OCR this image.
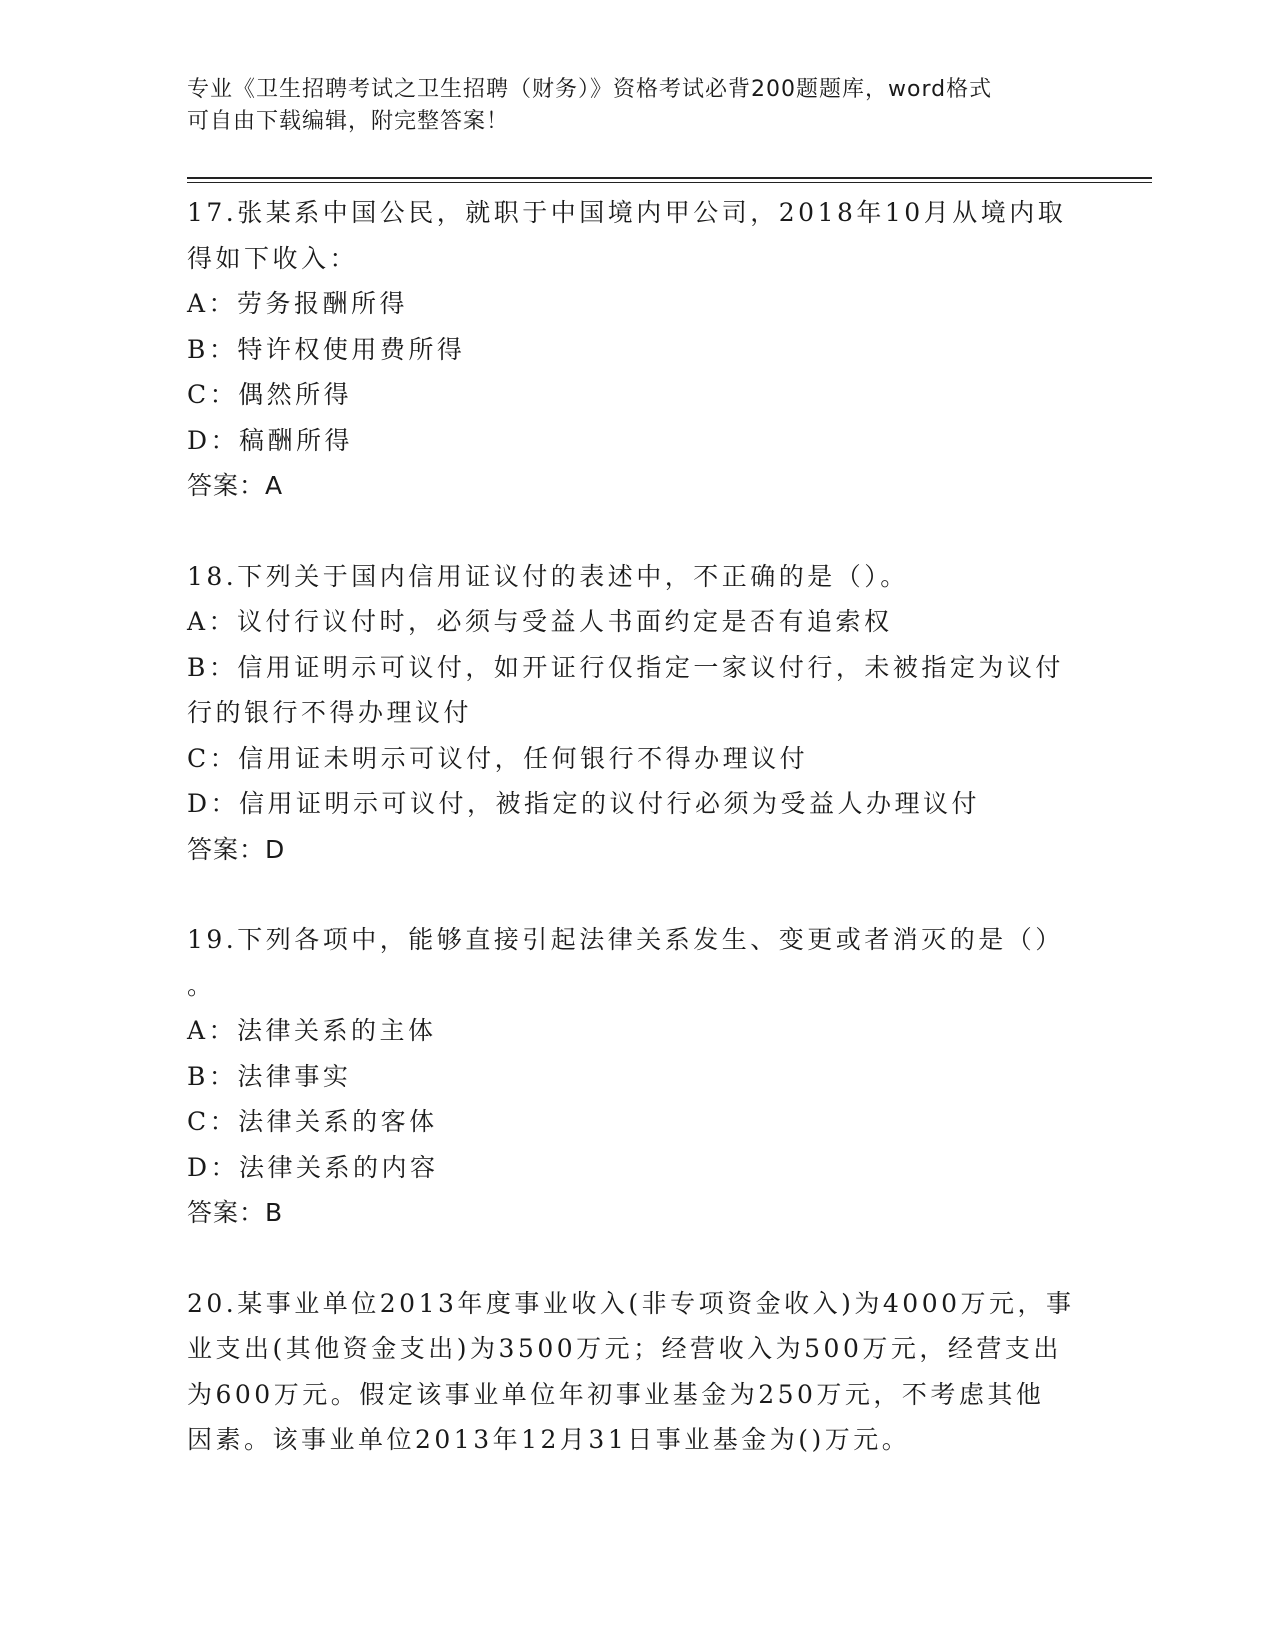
专业《卫生招聘考试之卫生招聘（财务）》资格考试必背200题题库，word格式
可自由下载编辑，附完整答案！
17.张某系中国公民，就职于中国境内甲公司，2018年10月从境内取
得如下收入：
A：劳务报酬所得
B：特许权使用费所得
C：偶然所得
D：稿酬所得
答案：A
18.下列关于国内信用证议付的表述中，不正确的是（）。
A：议付行议付时，必须与受益人书面约定是否有追索权
B：信用证明示可议付，如开证行仅指定一家议付行，未被指定为议付
行的银行不得办理议付
C：信用证未明示可议付，任何银行不得办理议付
D：信用证明示可议付，被指定的议付行必须为受益人办理议付
答案：D
19.下列各项中，能够直接引起法律关系发生、变更或者消灭的是（）
。
A：法律关系的主体
B：法律事实
C：法律关系的客体
D：法律关系的内容
答案：B
20.某事业单位2013年度事业收入(非专项资金收入)为4000万元，事
业支出(其他资金支出)为3500万元；经营收入为500万元，经营支出
为600万元。假定该事业单位年初事业基金为250万元，不考虑其他
因素。该事业单位2013年12月31日事业基金为()万元。
